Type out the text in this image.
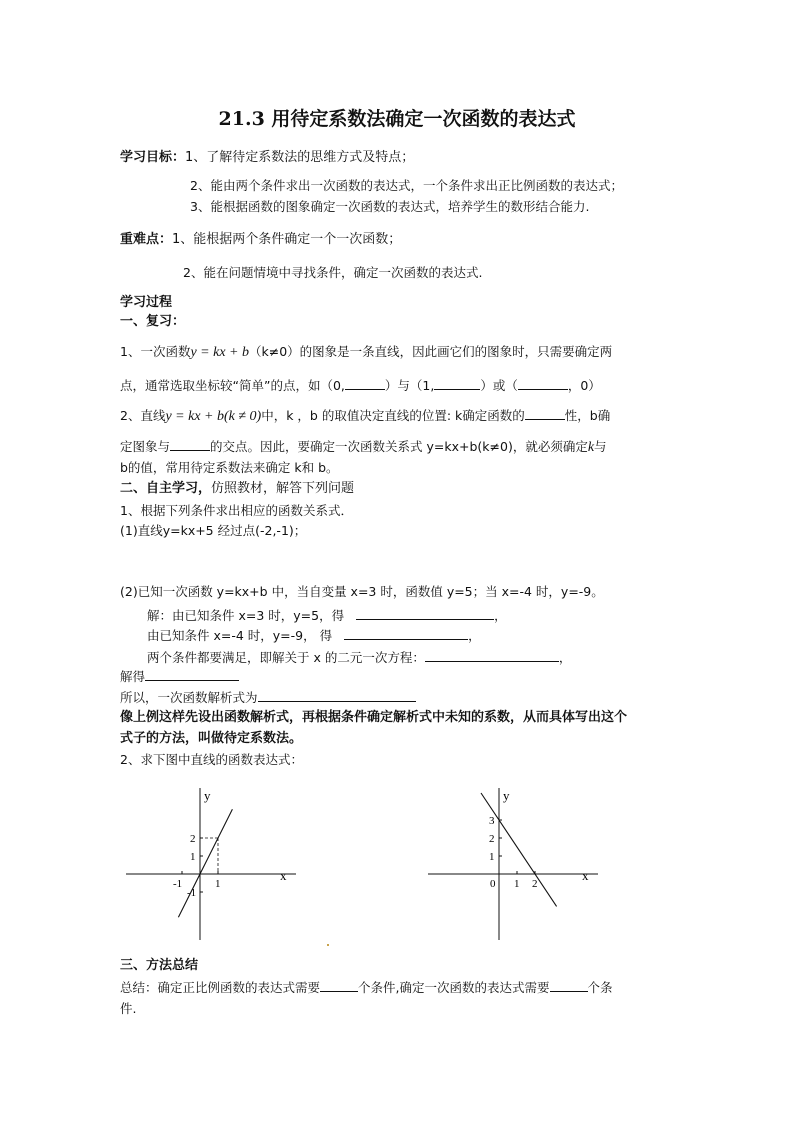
21.3 用待定系数法确定一次函数的表达式
学习目标：1、了解待定系数法的思维方式及特点；
2、能由两个条件求出一次函数的表达式，一个条件求出正比例函数的表达式；
3、能根据函数的图象确定一次函数的表达式，培养学生的数形结合能力.
重难点：1、能根据两个条件确定一个一次函数；
2、能在问题情境中寻找条件，确定一次函数的表达式.
学习过程
一、复习：
1、一次函数y = kx + b（k≠0）的图象是一条直线，因此画它们的图象时，只需要确定两
点，通常选取坐标较“简单”的点，如（0,	）与（1,	）或（	，0）
2、直线y = kx + b(k ≠ 0)中，k ，b 的取值决定直线的位置: k确定函数的	性，b确
定图象与	的交点。因此，要确定一次函数关系式 y=kx+b(k≠0)，就必须确定k与
b的值，常用待定系数法来确定 k和 b。
二、自主学习，仿照教材，解答下列问题
1、根据下列条件求出相应的函数关系式．
(1)直线y=kx+5 经过点(-2,-1)；
(2)已知一次函数 y=kx+b 中，当自变量 x=3 时，函数值 y=5；当 x=-4 时，y=-9。
解：由已知条件 x=3 时，y=5，得	，
由已知条件 x=-4 时，y=-9， 得	，
两个条件都要满足，即解关于 x 的二元一次方程：	，
解得
所以，一次函数解析式为
像上例这样先设出函数解析式，再根据条件确定解析式中未知的系数，从而具体写出这个
式子的方法，叫做待定系数法。
2、求下图中直线的函数表达式：
x
y
-1	1
2
1
-1
x
y
1 2
3
2
1
0
三、方法总结
总结：确定正比例函数的表达式需要	个条件,确定一次函数的表达式需要	个条
件.
